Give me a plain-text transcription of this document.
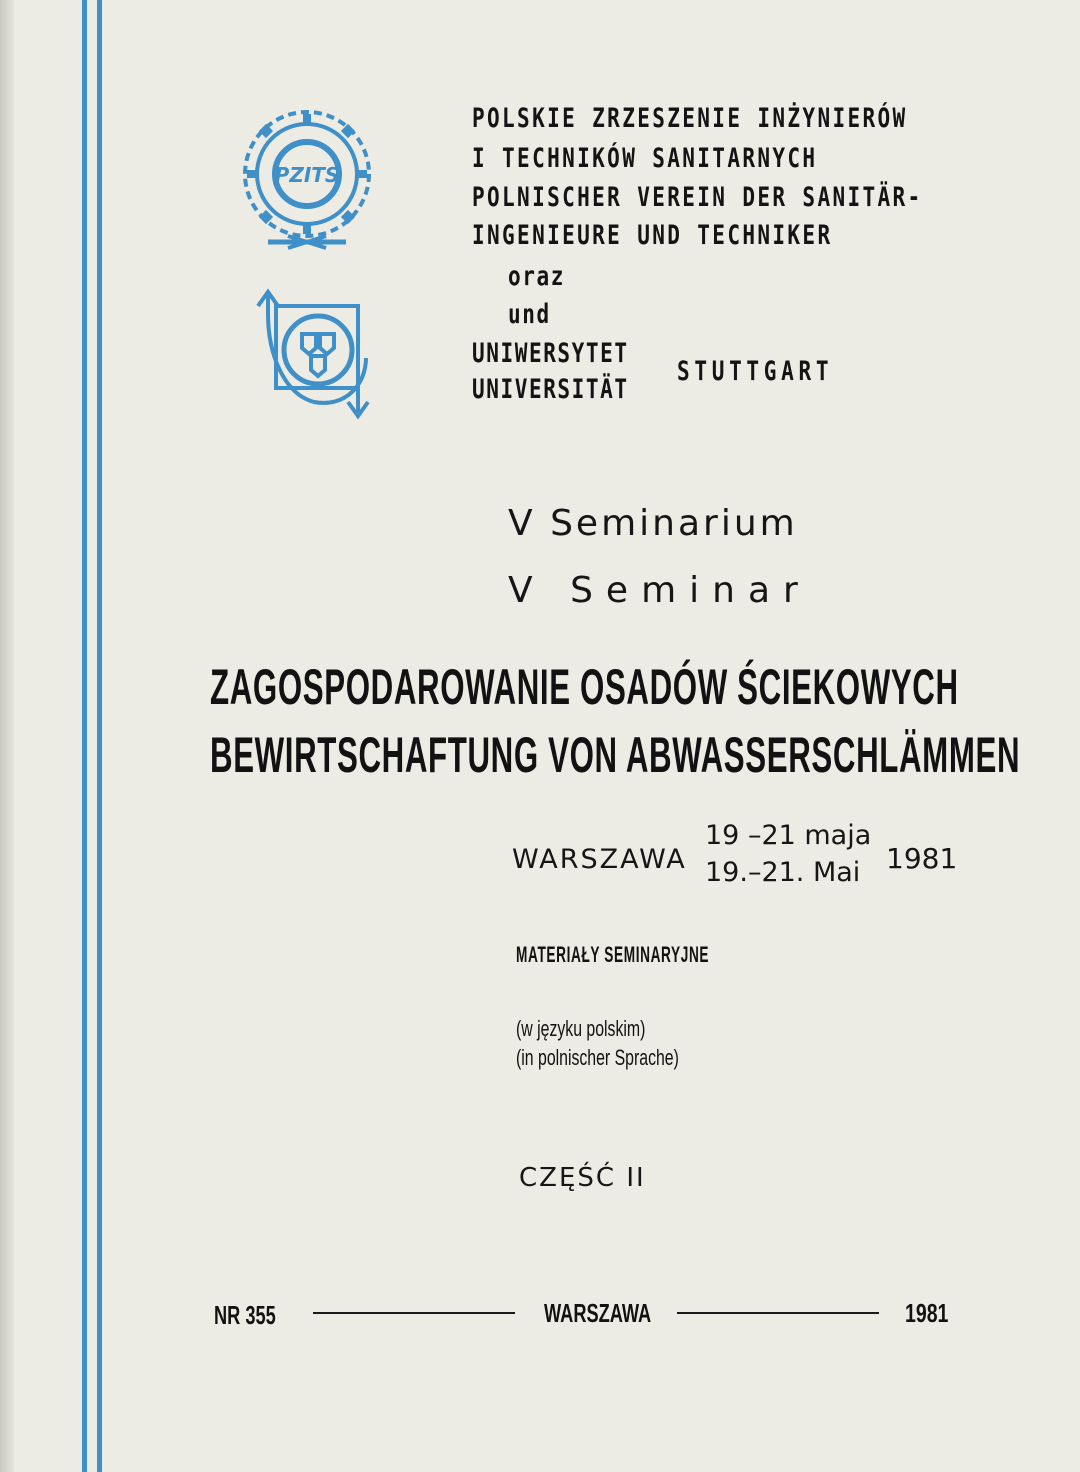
PZITS
POLSKIE ZRZESZENIE INŻYNIERÓW
I TECHNIKÓW SANITARNYCH
POLNISCHER VEREIN DER SANITÄR-
INGENIEURE UND TECHNIKER
oraz
und
UNIWERSYTET
UNIVERSITÄT
STUTTGART
V Seminarium
V Seminar
ZAGOSPODAROWANIE OSADÓW ŚCIEKOWYCH
BEWIRTSCHAFTUNG VON ABWASSERSCHLÄMMEN
WARSZAWA
19 –21 maja
19.–21. Mai 1981
MATERIAŁY SEMINARYJNE
(w języku polskim)
(in polnischer Sprache)
CZĘŚĆ II
NR 355	WARSZAWA	1981
